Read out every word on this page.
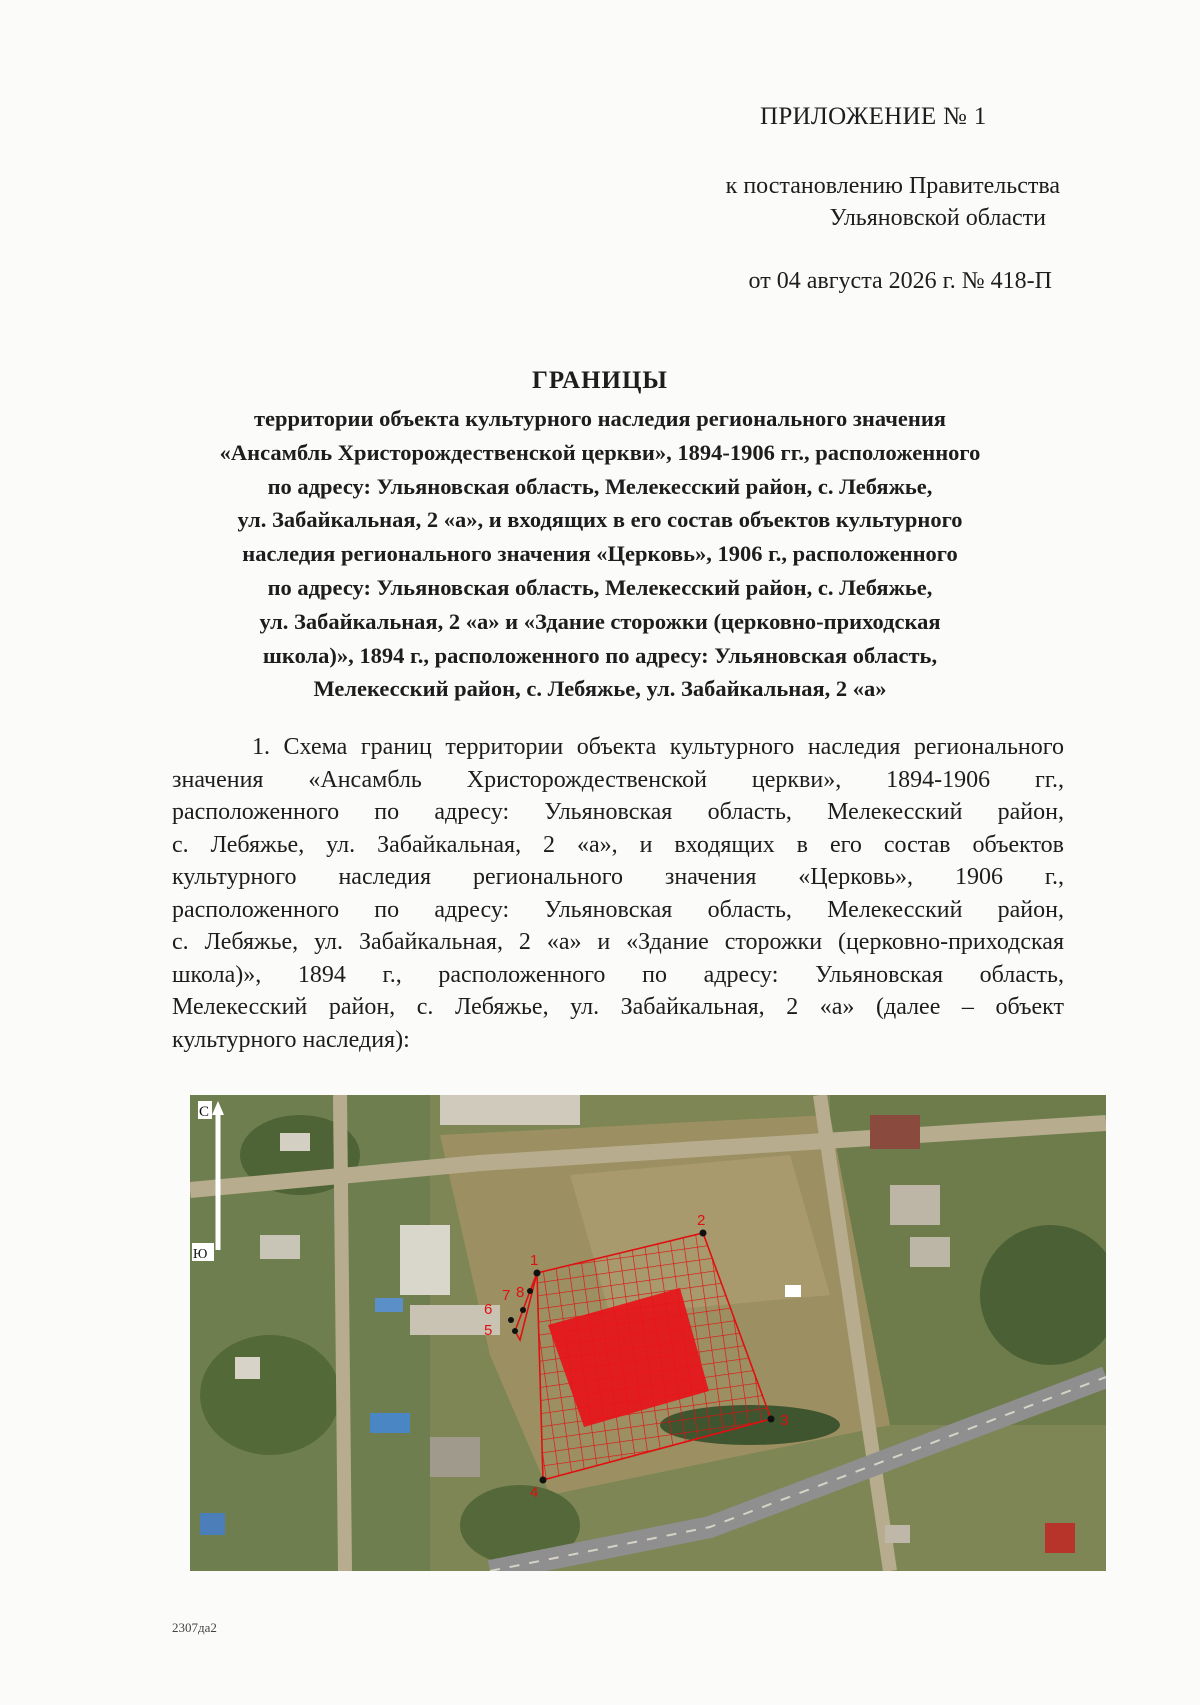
ПРИЛОЖЕНИЕ № 1
к постановлению Правительства

Ульяновской области
от 04 августа 2026 г. № 418-П
ГРАНИЦЫ
территории объекта культурного наследия регионального значения
«Ансамбль Христорождественской церкви», 1894-1906 гг., расположенного
по адресу: Ульяновская область, Мелекесский район, с. Лебяжье,
ул. Забайкальная, 2 «а», и входящих в его состав объектов культурного
наследия регионального значения «Церковь», 1906 г., расположенного
по адресу: Ульяновская область, Мелекесский район, с. Лебяжье,
ул. Забайкальная, 2 «а» и «Здание сторожки (церковно-приходская
школа)», 1894 г., расположенного по адресу: Ульяновская область,
Мелекесский район, с. Лебяжье, ул. Забайкальная, 2 «а»
1. Схема границ территории объекта культурного наследия регионального
значения «Ансамбль Христорождественской церкви», 1894-1906 гг.,
расположенного по адресу: Ульяновская область, Мелекесский район,
с. Лебяжье, ул. Забайкальная, 2 «а», и входящих в его состав объектов
культурного наследия регионального значения «Церковь», 1906 г.,
расположенного по адресу: Ульяновская область, Мелекесский район,
с. Лебяжье, ул. Забайкальная, 2 «а» и «Здание сторожки (церковно-приходская
школа)», 1894 г., расположенного по адресу: Ульяновская область,
Мелекесский район, с. Лебяжье, ул. Забайкальная, 2 «а» (далее – объект
культурного наследия):
С
Ю	1
2
3
4
5
6
7 8
2307да2
